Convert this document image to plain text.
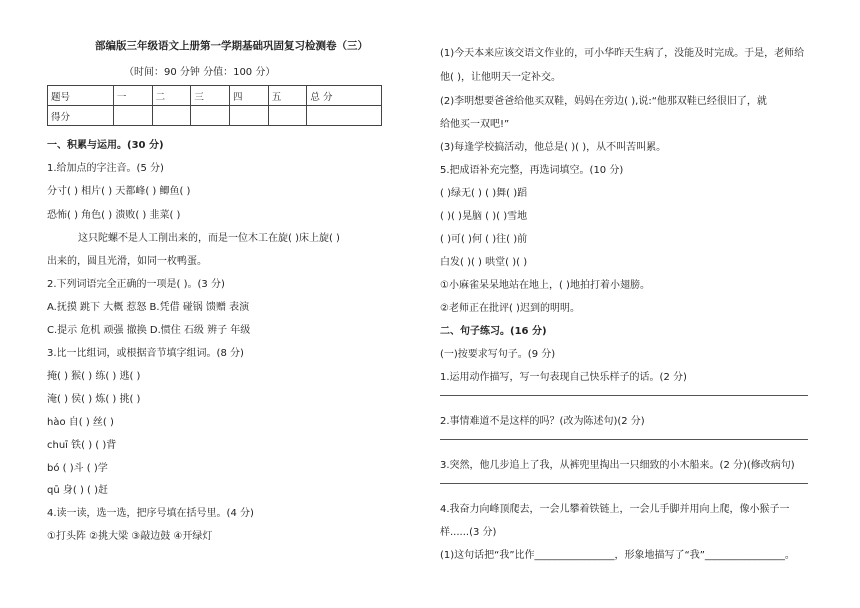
部编版三年级语文上册第一学期基础巩固复习检测卷（三）
（时间：90 分钟 分值：100 分）
题号	一	二	三	四	五	总 分
得分						
一、积累与运用。(30 分)
1.给加点的字注音。(5 分)
分寸( ) 相片( ) 天都峰( ) 鲫鱼( )
恐怖( ) 角色( ) 溃败( ) 韭菜( )
这只陀螺不是人工削出来的，而是一位木工在旋( )床上旋( )
出来的，圆且光滑，如同一枚鸭蛋。
2.下列词语完全正确的一项是( )。(3 分)
A.抚摸 跳下 大概 惹怒 B.凭借 碰锅 馈赠 表演
C.提示 危机 顽强 撤换 D.惯住 石级 辨子 年级
3.比一比组词，或根据音节填字组词。(8 分)
掩( ) 猴( ) 练( ) 逃( )
淹( ) 侯( ) 炼( ) 挑( )
hào 自( ) 丝( )
chuī 铁( ) ( )背
bó ( )斗 ( )学
qū 身( ) ( )赶
4.读一读，选一选，把序号填在括号里。(4 分)
①打头阵 ②挑大梁 ③敲边鼓 ④开绿灯
(1)今天本来应该交语文作业的，可小华昨天生病了，没能及时完成。于是，老师给
他( )，让他明天一定补交。
(2)李明想要爸爸给他买双鞋，妈妈在旁边( ),说:“他那双鞋已经很旧了，就
给他买一双吧!”
(3)每逢学校搞活动，他总是( )( )，从不叫苦叫累。
5.把成语补充完整，再选词填空。(10 分)
( )绿无( ) ( )舞( )蹈
( )( )晃脑 ( )( )雪地
( )可( )何 ( )往( )前
白发( )( ) 哄堂( )( )
①小麻雀呆呆地站在地上，( )地拍打着小翅膀。
②老师正在批评( )迟到的明明。
二、句子练习。(16 分)
(一)按要求写句子。(9 分)
1.运用动作描写，写一句表现自己快乐样子的话。(2 分)
2.事情难道不是这样的吗？(改为陈述句)(2 分)
3.突然，他几步追上了我，从裤兜里掏出一只细致的小木船来。(2 分)(修改病句)
4.我奋力向峰顶爬去，一会儿攀着铁链上，一会儿手脚并用向上爬，像小猴子一
样......(3 分)
(1)这句话把“我”比作________________，形象地描写了“我”________________。
